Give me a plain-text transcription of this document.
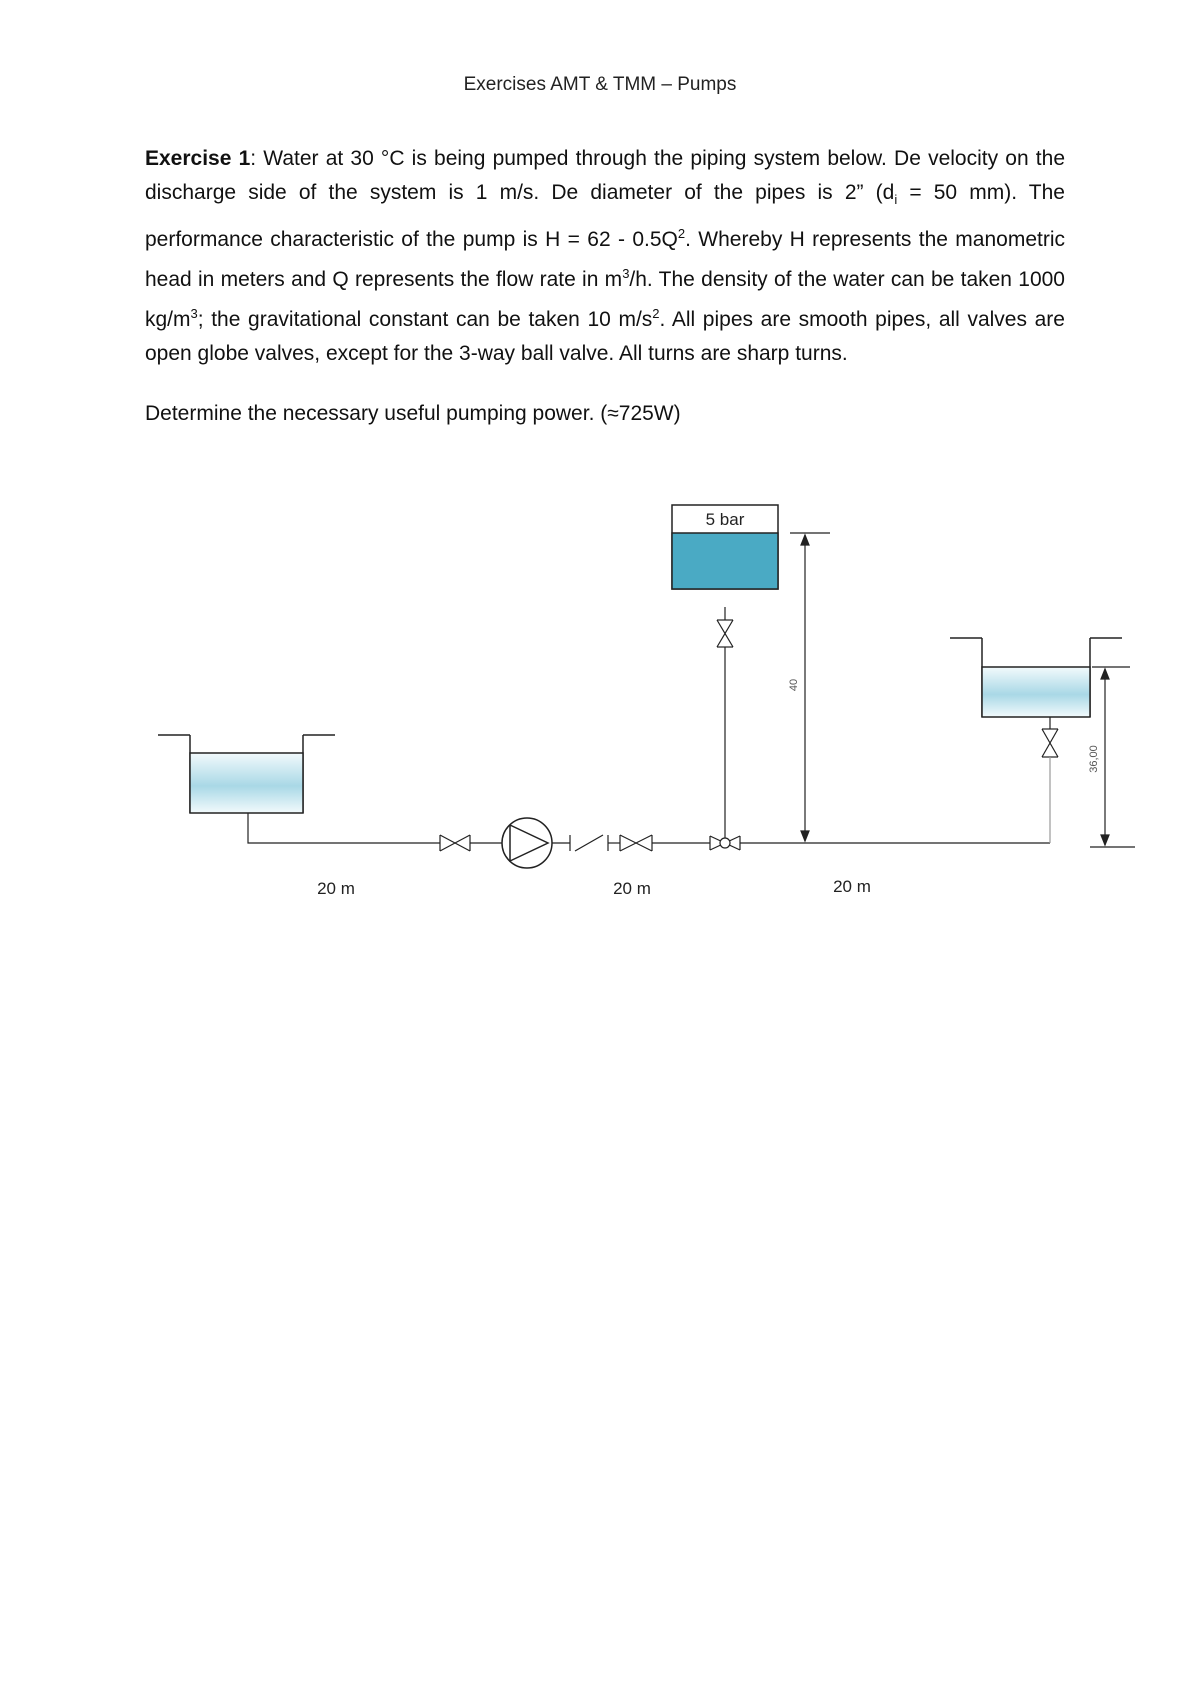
Exercises AMT & TMM – Pumps
Exercise 1: Water at 30 °C is being pumped through the piping system below. De velocity on the discharge side of the system is 1 m/s. De diameter of the pipes is 2” ($d_i = 50$ mm). The performance characteristic of the pump is $H = 62 - 0.5Q^2$. Whereby H represents the manometric head in meters and Q represents the flow rate in $m^3/h$. The density of the water can be taken 1000 $kg/m^3$; the gravitational constant can be taken 10 $m/s^2$. All pipes are smooth pipes, all valves are open globe valves, except for the 3-way ball valve. All turns are sharp turns.
Determine the necessary useful pumping power. (≈725W)
5 bar
40
36,00
20 m	20 m	20 m
